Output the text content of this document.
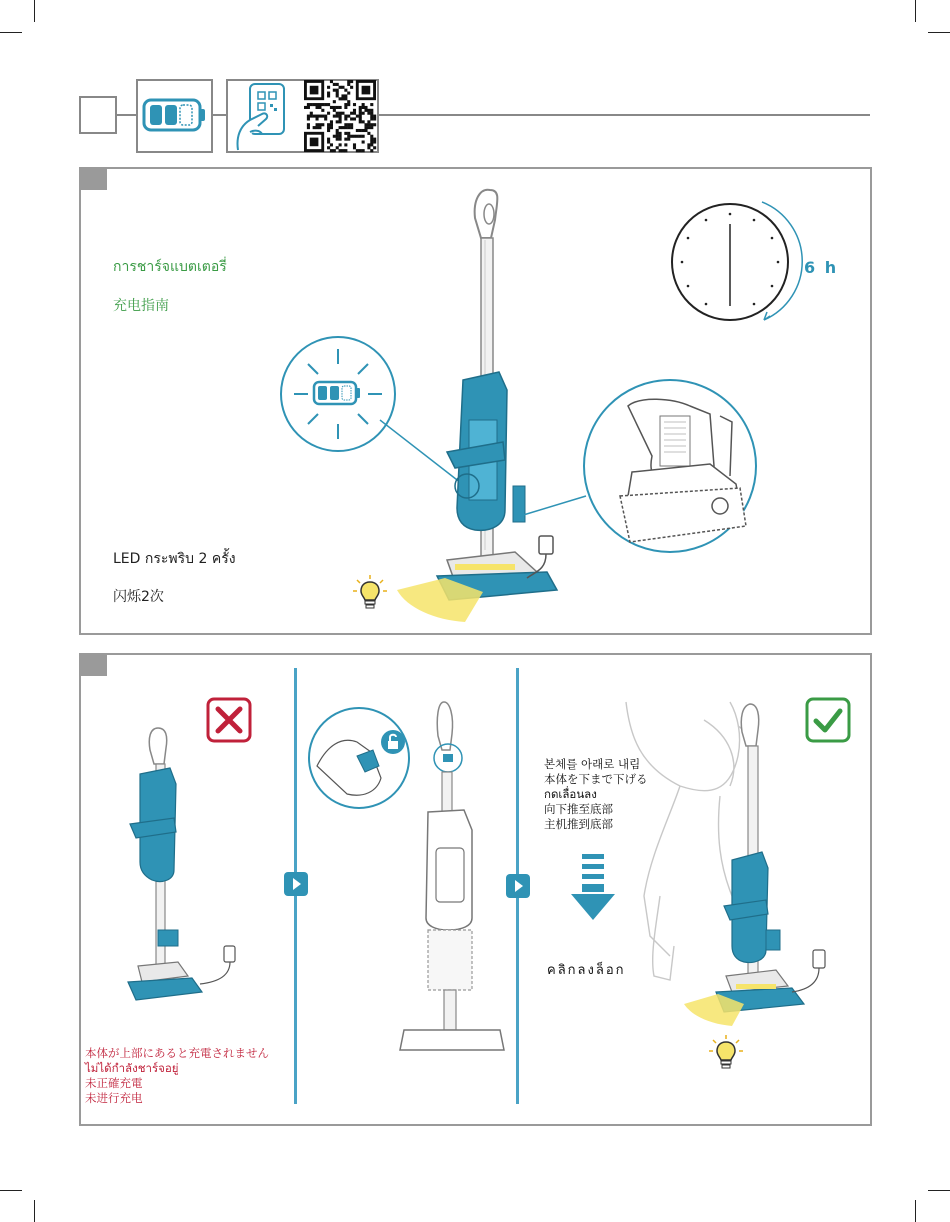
การชาร์จแบตเตอรี่
充电指南
LED กระพริบ 2 ครั้ง
闪烁2次
6 h
본체를 아래로 내림
本体を下まで下げる
กดเลื่อนลง
向下推至底部
主机推到底部
คลิกลงล็อก
本体が上部にあると充電されません
ไม่ได้กำลังชาร์จอยู่
未正確充電
未进行充电
